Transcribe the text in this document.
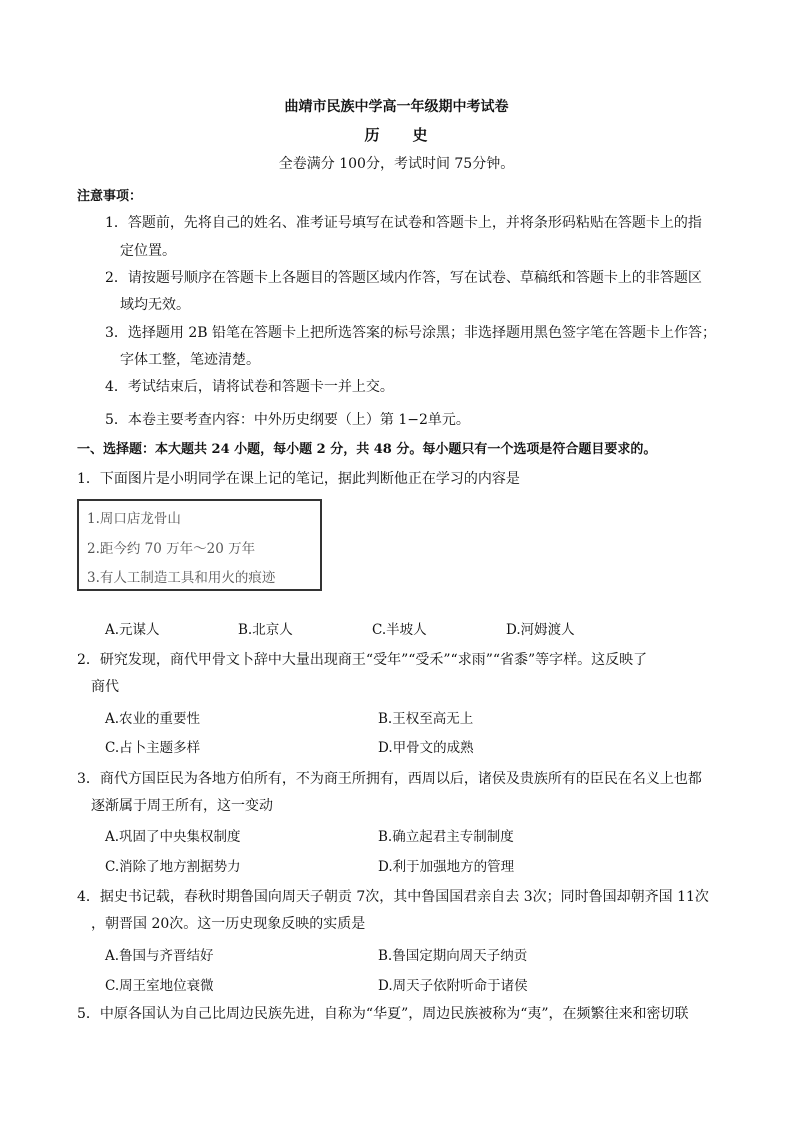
曲靖市民族中学高一年级期中考试卷
历　　史
全卷满分 100分，考试时间 75分钟。
注意事项：
1．答题前，先将自己的姓名、准考证号填写在试卷和答题卡上，并将条形码粘贴在答题卡上的指
定位置。
2．请按题号顺序在答题卡上各题目的答题区域内作答，写在试卷、草稿纸和答题卡上的非答题区
域均无效。
3．选择题用 2B 铅笔在答题卡上把所选答案的标号涂黑；非选择题用黑色签字笔在答题卡上作答；
字体工整，笔迹清楚。
4．考试结束后，请将试卷和答题卡一并上交。
5．本卷主要考查内容：中外历史纲要（上）第 1−2单元。
一、选择题：本大题共 24 小题，每小题 2 分，共 48 分。每小题只有一个选项是符合题目要求的。
1．下面图片是小明同学在课上记的笔记，据此判断他正在学习的内容是
1.周口店龙骨山
2.距今约 70 万年～20 万年
3.有人工制造工具和用火的痕迹
A.元谋人	B.北京人	C.半坡人	D.河姆渡人
2．研究发现，商代甲骨文卜辞中大量出现商王“受年”“受禾”“求雨”“省黍”等字样。这反映了
商代
A.农业的重要性	B.王权至高无上
C.占卜主题多样	D.甲骨文的成熟
3．商代方国臣民为各地方伯所有，不为商王所拥有，西周以后，诸侯及贵族所有的臣民在名义上也都
逐渐属于周王所有，这一变动
A.巩固了中央集权制度	B.确立起君主专制制度
C.消除了地方割据势力	D.利于加强地方的管理
4．据史书记载，春秋时期鲁国向周天子朝贡 7次，其中鲁国国君亲自去 3次；同时鲁国却朝齐国 11次
，朝晋国 20次。这一历史现象反映的实质是
A.鲁国与齐晋结好	B.鲁国定期向周天子纳贡
C.周王室地位衰微	D.周天子依附听命于诸侯
5．中原各国认为自己比周边民族先进，自称为“华夏”，周边民族被称为“夷”，在频繁往来和密切联
